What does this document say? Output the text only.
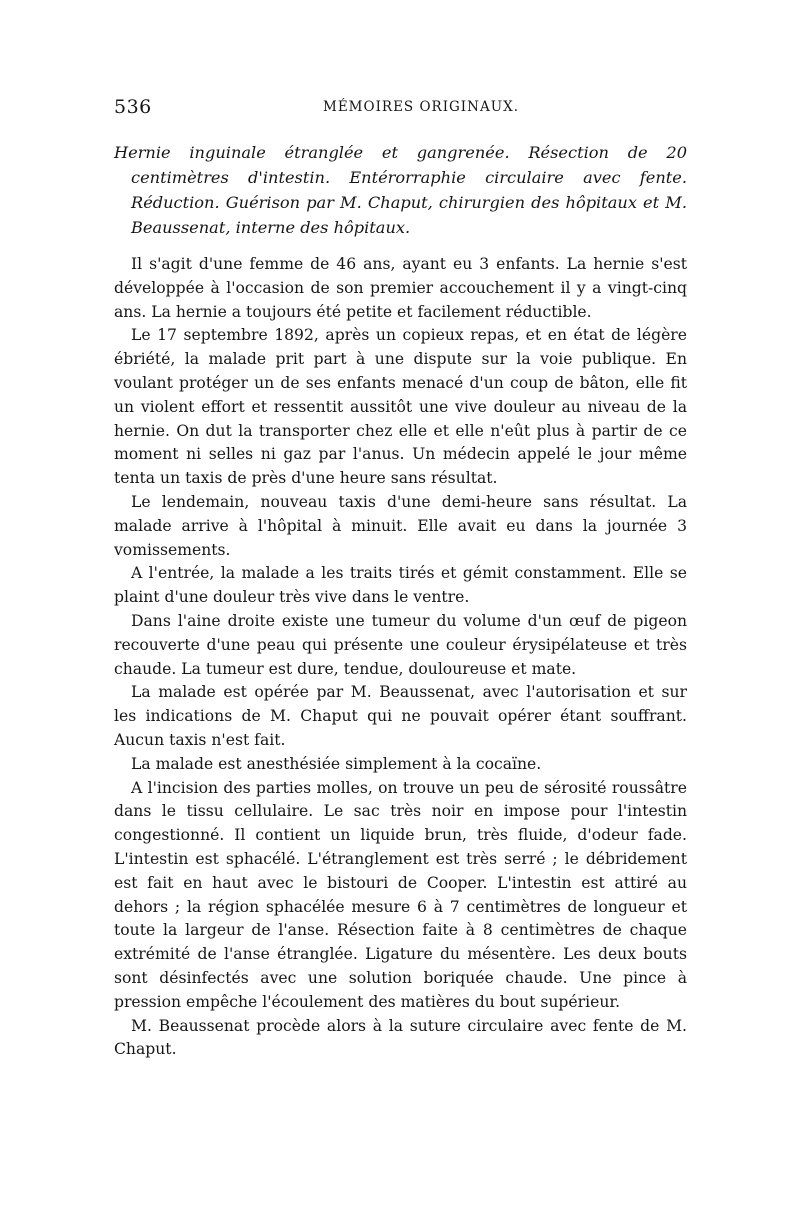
536	MÉMOIRES ORIGINAUX.

Hernie inguinale étranglée et gangrenée. Résection de 20 centimètres d'intestin. Entérorraphie circulaire avec fente. Réduction. Guérison par M. Chaput, chirurgien des hôpitaux et M. Beaussenat, interne des hôpitaux.

Il s'agit d'une femme de 46 ans, ayant eu 3 enfants. La hernie s'est développée à l'occasion de son premier accouchement il y a vingt-cinq ans. La hernie a toujours été petite et facilement réductible.

Le 17 septembre 1892, après un copieux repas, et en état de légère ébriété, la malade prit part à une dispute sur la voie publique. En voulant protéger un de ses enfants menacé d'un coup de bâton, elle fit un violent effort et ressentit aussitôt une vive douleur au niveau de la hernie. On dut la transporter chez elle et elle n'eût plus à partir de ce moment ni selles ni gaz par l'anus. Un médecin appelé le jour même tenta un taxis de près d'une heure sans résultat.

Le lendemain, nouveau taxis d'une demi-heure sans résultat. La malade arrive à l'hôpital à minuit. Elle avait eu dans la journée 3 vomissements.

A l'entrée, la malade a les traits tirés et gémit constamment. Elle se plaint d'une douleur très vive dans le ventre.

Dans l'aine droite existe une tumeur du volume d'un œuf de pigeon recouverte d'une peau qui présente une couleur érysipélateuse et très chaude. La tumeur est dure, tendue, douloureuse et mate.

La malade est opérée par M. Beaussenat, avec l'autorisation et sur les indications de M. Chaput qui ne pouvait opérer étant souffrant. Aucun taxis n'est fait.

La malade est anesthésiée simplement à la cocaïne.

A l'incision des parties molles, on trouve un peu de sérosité roussâtre dans le tissu cellulaire. Le sac très noir en impose pour l'intestin congestionné. Il contient un liquide brun, très fluide, d'odeur fade. L'intestin est sphacélé. L'étranglement est très serré ; le débridement est fait en haut avec le bistouri de Cooper. L'intestin est attiré au dehors ; la région sphacélée mesure 6 à 7 centimètres de longueur et toute la largeur de l'anse. Résection faite à 8 centimètres de chaque extrémité de l'anse étranglée. Ligature du mésentère. Les deux bouts sont désinfectés avec une solution boriquée chaude. Une pince à pression empêche l'écoulement des matières du bout supérieur.

M. Beaussenat procède alors à la suture circulaire avec fente de M. Chaput.
